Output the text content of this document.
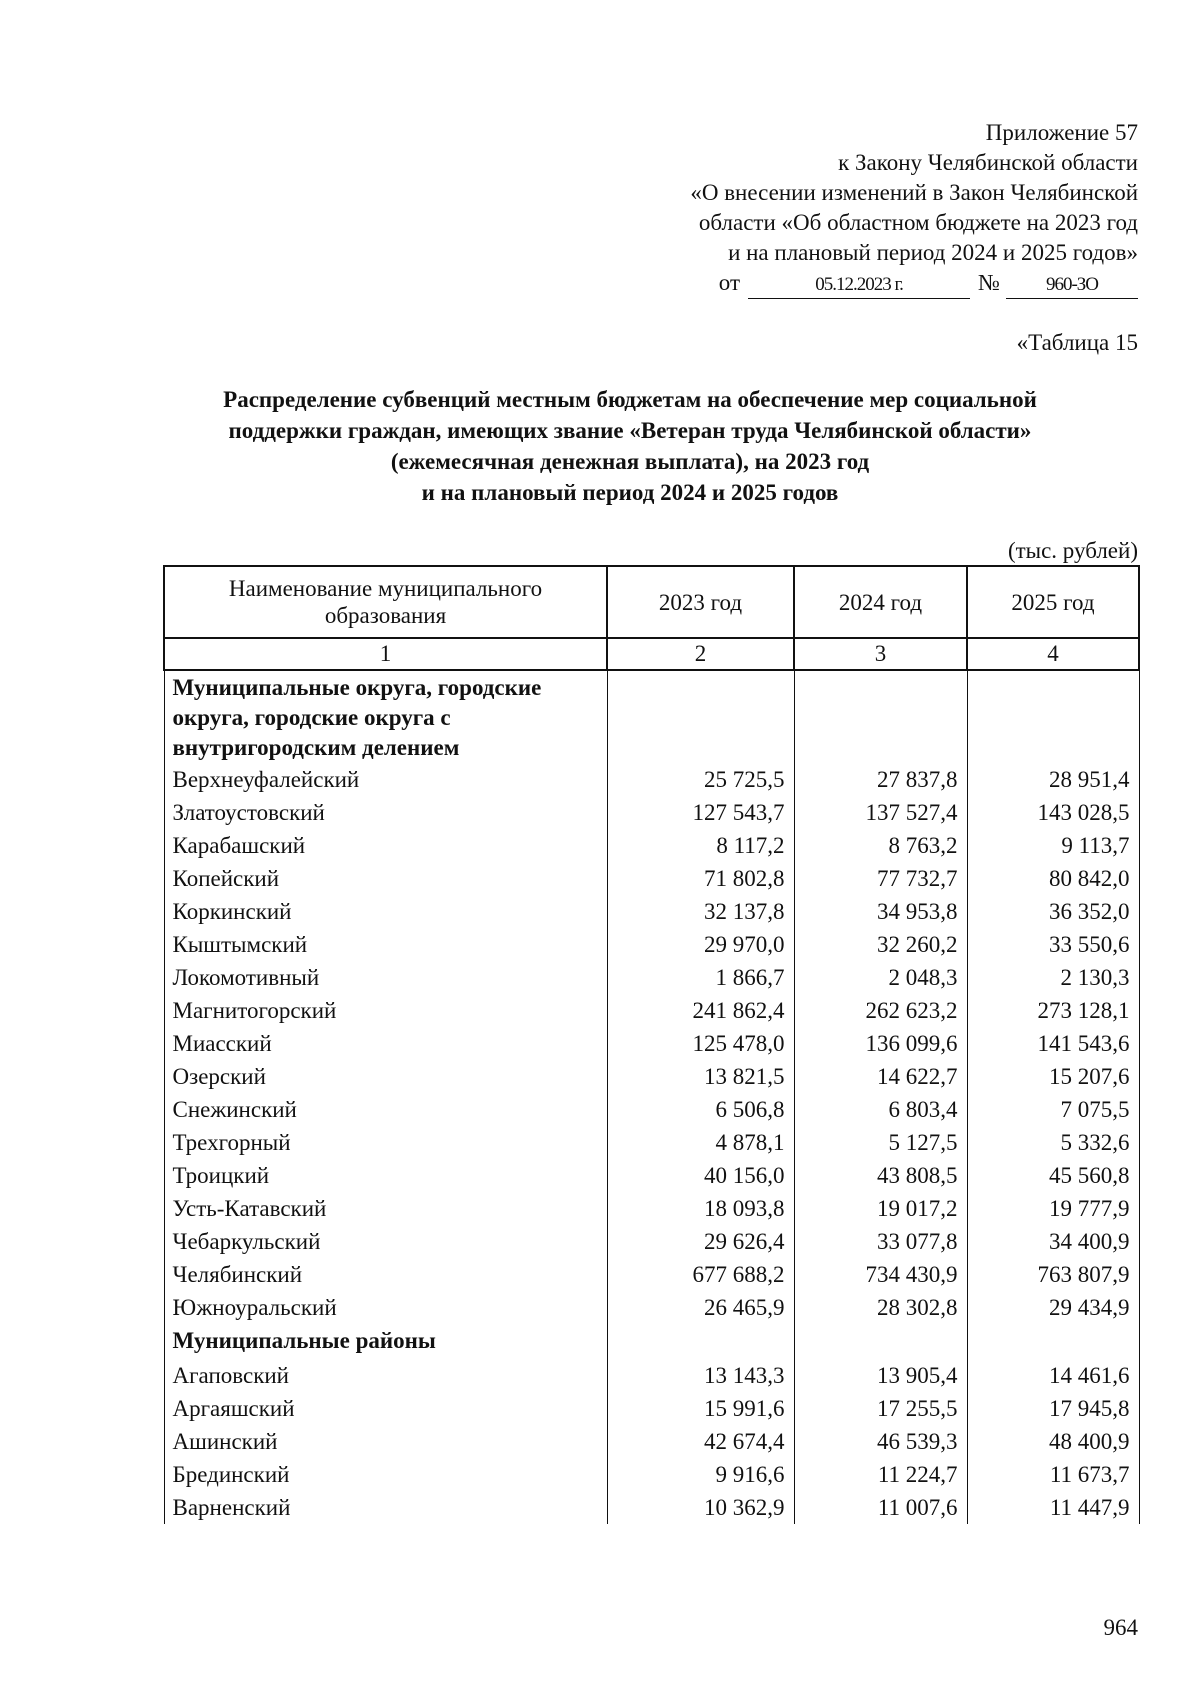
Приложение 57
к Закону Челябинской области
«О внесении изменений в Закон Челябинской
области «Об областном бюджете на 2023 год
и на плановый период 2024 и 2025 годов»
от	05.12.2023 г.	№ 960-ЗО
«Таблица 15
Распределение субвенций местным бюджетам на обеспечение мер социальной
поддержки граждан, имеющих звание «Ветеран труда Челябинской области»
(ежемесячная денежная выплата), на 2023 год
и на плановый период 2024 и 2025 годов
(тыс. рублей)
Наименование муниципального образования	2023 год	2024 год	2025 год
1	2	3	4
Муниципальные округа, городские округа, городские округа с внутригородским делением			
Верхнеуфалейский	25 725,5	27 837,8	28 951,4
Златоустовский	127 543,7	137 527,4	143 028,5
Карабашский	8 117,2	8 763,2	9 113,7
Копейский	71 802,8	77 732,7	80 842,0
Коркинский	32 137,8	34 953,8	36 352,0
Кыштымский	29 970,0	32 260,2	33 550,6
Локомотивный	1 866,7	2 048,3	2 130,3
Магнитогорский	241 862,4	262 623,2	273 128,1
Миасский	125 478,0	136 099,6	141 543,6
Озерский	13 821,5	14 622,7	15 207,6
Снежинский	6 506,8	6 803,4	7 075,5
Трехгорный	4 878,1	5 127,5	5 332,6
Троицкий	40 156,0	43 808,5	45 560,8
Усть-Катавский	18 093,8	19 017,2	19 777,9
Чебаркульский	29 626,4	33 077,8	34 400,9
Челябинский	677 688,2	734 430,9	763 807,9
Южноуральский	26 465,9	28 302,8	29 434,9
Муниципальные районы			
Агаповский	13 143,3	13 905,4	14 461,6
Аргаяшский	15 991,6	17 255,5	17 945,8
Ашинский	42 674,4	46 539,3	48 400,9
Брединский	9 916,6	11 224,7	11 673,7
Варненский	10 362,9	11 007,6	11 447,9
964
